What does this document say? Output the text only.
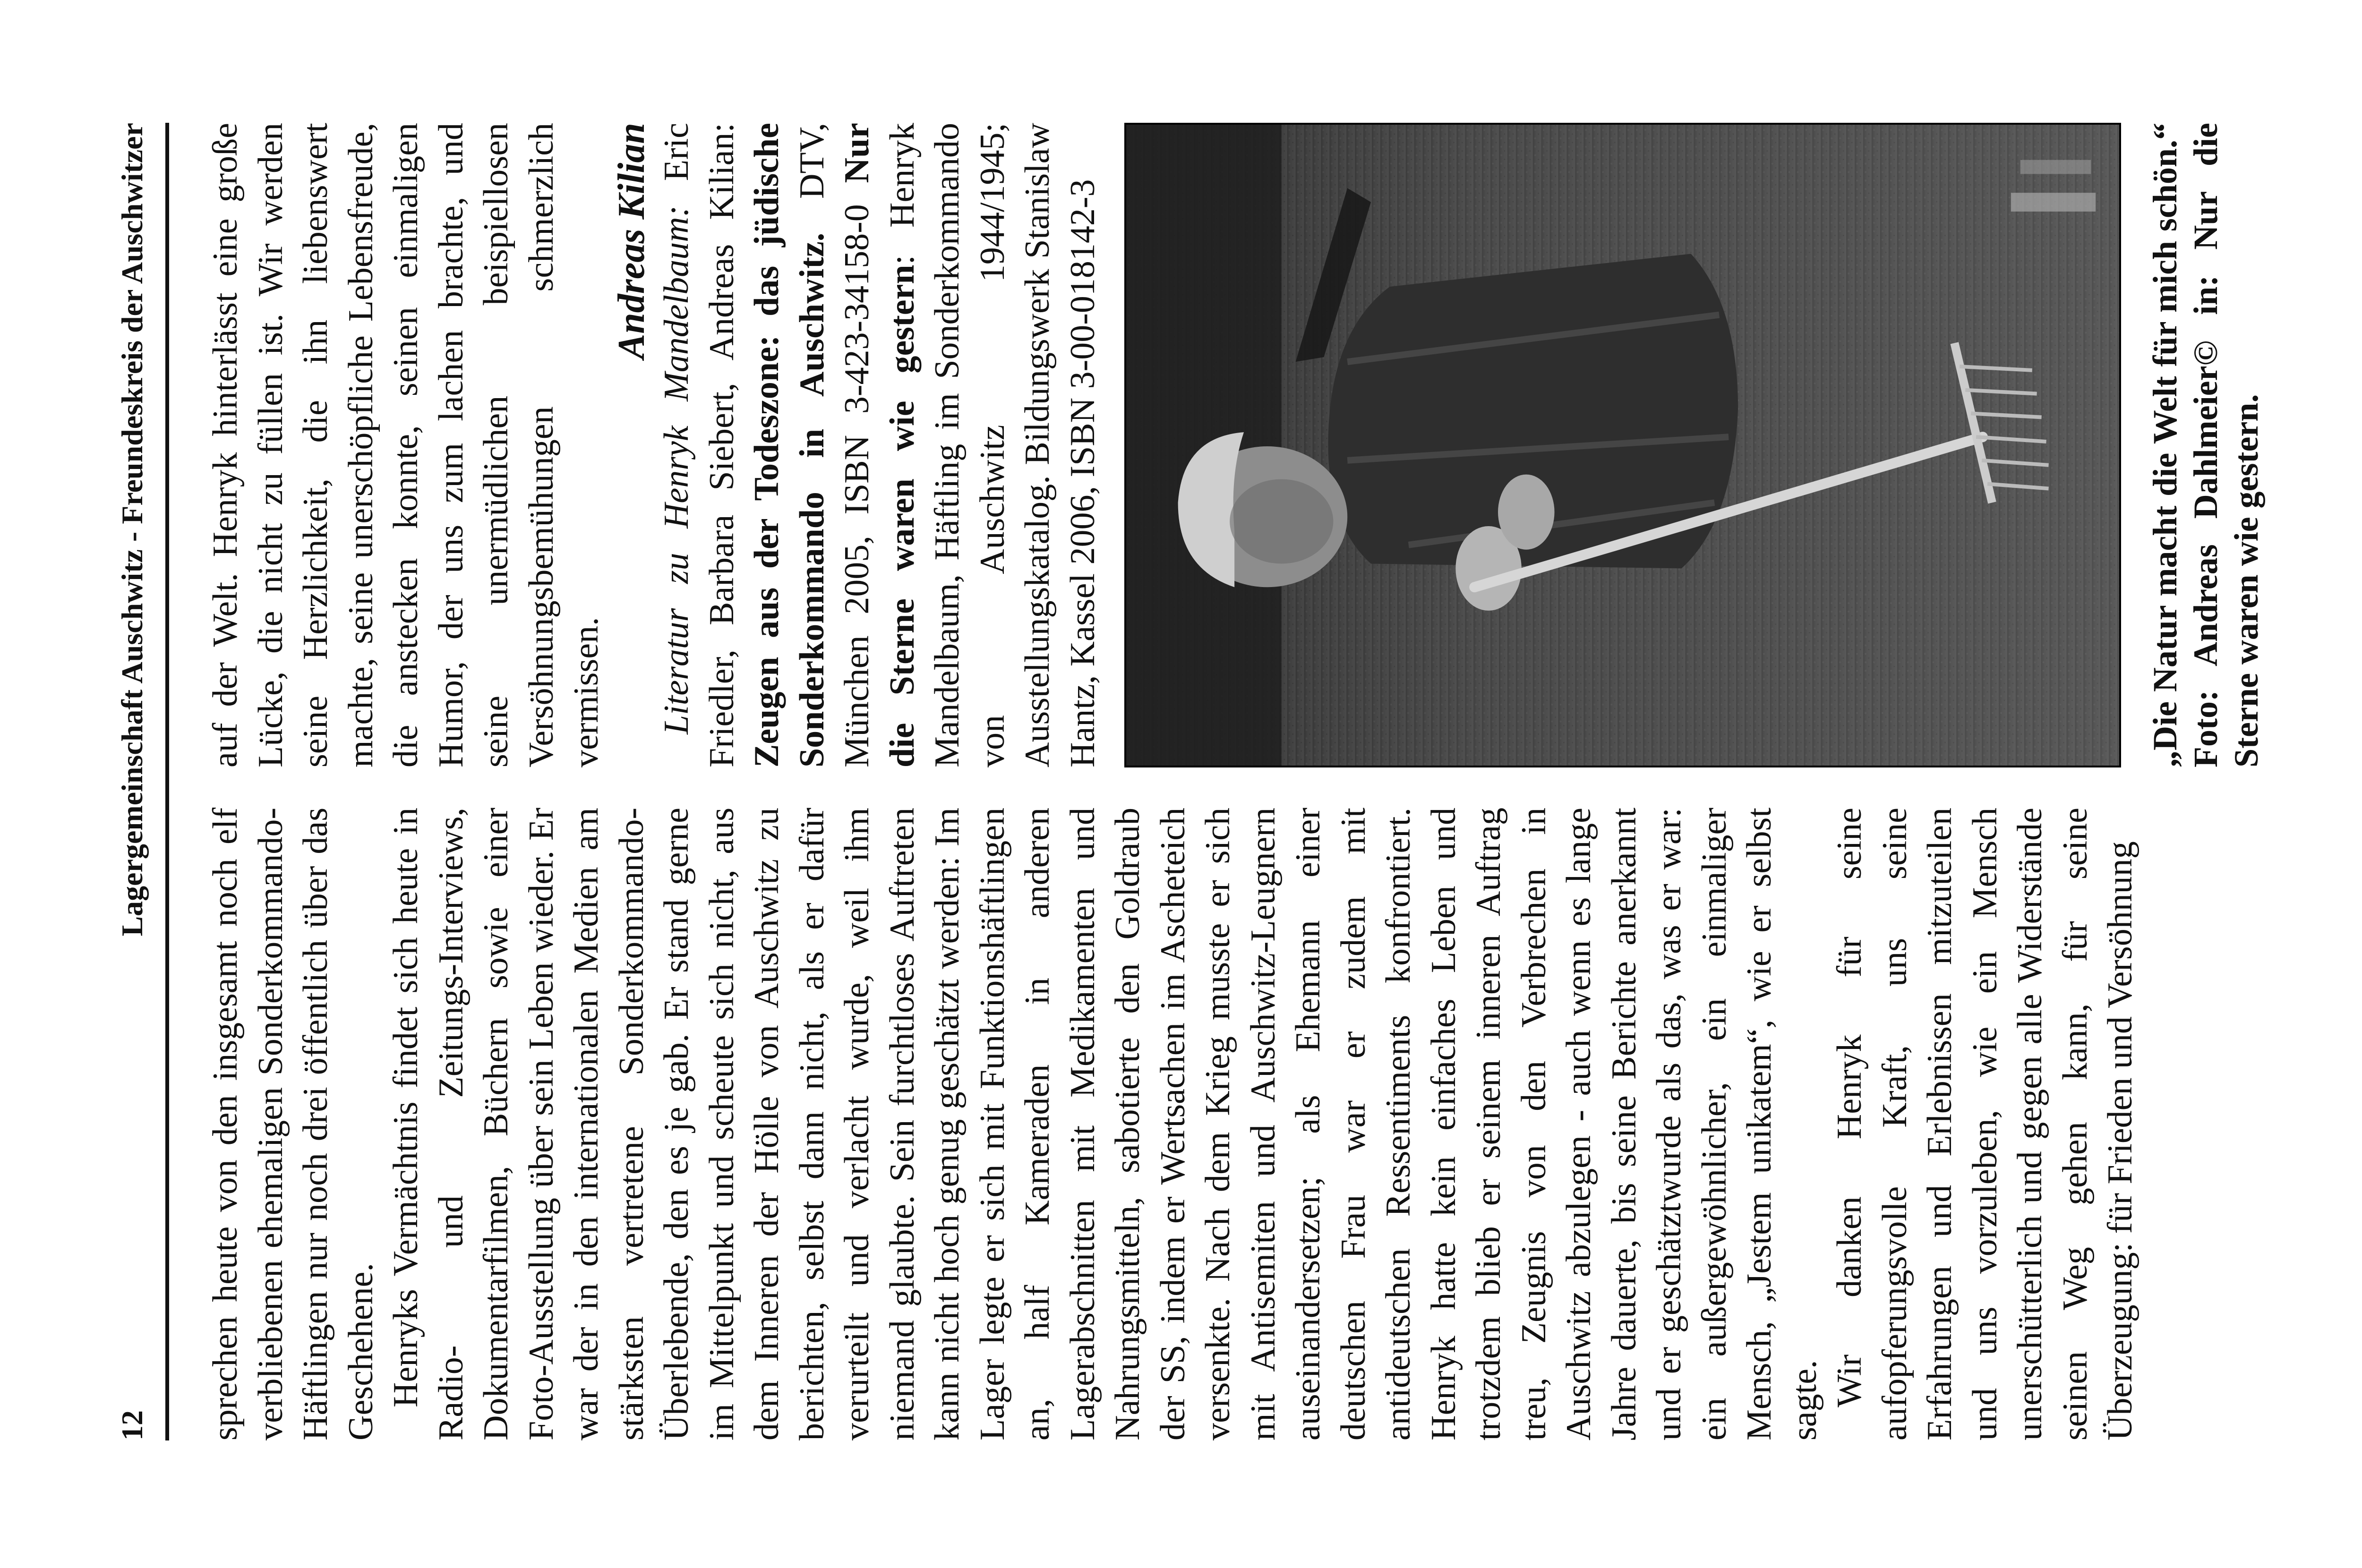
12
Lagergemeinschaft Auschwitz - Freundeskreis der Auschwitzer

sprechen heute von den insgesamt noch elf verbliebenen ehemaligen Sonderkommando-Häftlingen nur noch drei öffentlich über das Geschehene. Henryks Vermächtnis findet sich heute in Radio- und Zeitungs-Interviews, Dokumentarfilmen, Büchern sowie einer Foto-Ausstellung über sein Leben wieder. Er war der in den internationalen Medien am stärksten vertretene Sonderkommando-Überlebende, den es je gab. Er stand gerne im Mittelpunkt und scheute sich nicht, aus dem Inneren der Hölle von Auschwitz zu berichten, selbst dann nicht, als er dafür verurteilt und verlacht wurde, weil ihm niemand glaubte. Sein furchtloses Auftreten kann nicht hoch genug geschätzt werden: Im Lager legte er sich mit Funktionshäftlingen an, half Kameraden in anderen Lagerabschnitten mit Medikamenten und Nahrungsmitteln, sabotierte den Goldraub der SS, indem er Wertsachen im Ascheteich versenkte. Nach dem Krieg musste er sich mit Antisemiten und Auschwitz-Leugnern auseinandersetzen; als Ehemann einer deutschen Frau war er zudem mit antideutschen Ressentiments konfrontiert. Henryk hatte kein einfaches Leben und trotzdem blieb er seinem inneren Auftrag treu, Zeugnis von den Verbrechen in Auschwitz abzulegen - auch wenn es lange Jahre dauerte, bis seine Berichte anerkannt und er geschätztwurde als das, was er war: ein außergewöhnlicher, ein einmaliger Mensch, „Jestem unikatem“, wie er selbst sagte. Wir danken Henryk für seine aufopferungsvolle Kraft, uns seine Erfahrungen und Erlebnissen mitzuteilen und uns vorzuleben, wie ein Mensch unerschütterlich und gegen alle Widerstände seinen Weg gehen kann, für seine Überzeugung: für Frieden und Versöhnung

auf der Welt. Henryk hinterlässt eine große Lücke, die nicht zu füllen ist. Wir werden seine Herzlichkeit, die ihn liebenswert machte, seine unerschöpfliche Lebensfreude, die anstecken konnte, seinen einmaligen Humor, der uns zum lachen brachte, und seine unermüdlichen beispiellosen Versöhnungsbemühungen schmerzlich vermissen.

Andreas Kilian Literatur zu Henryk Mandelbaum: Eric Friedler, Barbara Siebert, Andreas Kilian: Zeugen aus der Todeszone: das jüdische Sonderkommando in Auschwitz. DTV, München 2005, ISBN 3-423-34158-0 Nur die Sterne waren wie gestern: Henryk Mandelbaum, Häftling im Sonderkommando von Auschwitz 1944/1945; Ausstellungskatalog. Bildungswerk Stanislaw Hantz, Kassel 2006, ISBN 3-00-018142-3	„Die Natur macht die Welt für mich schön.“ Foto: Andreas Dahlmeier© in: Nur die Sterne waren wie gestern.
